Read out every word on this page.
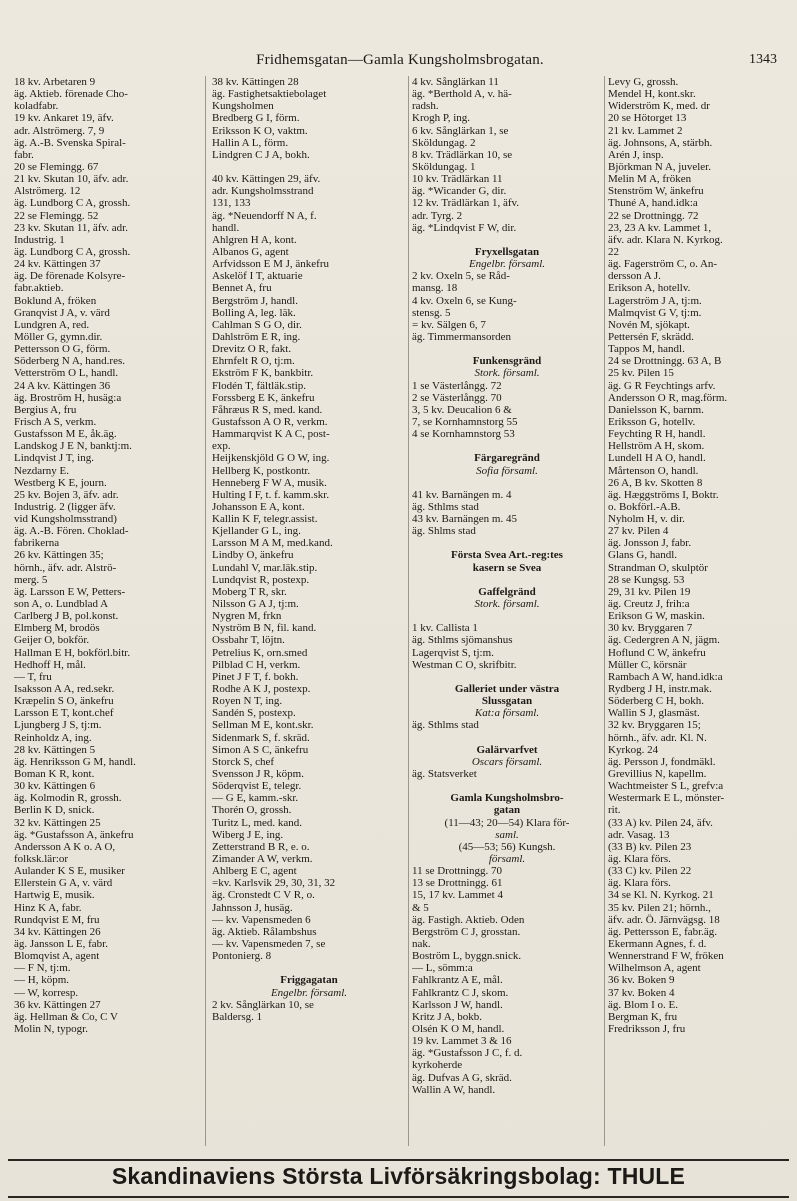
Fridhemsgatan—Gamla Kungsholmsbrogatan.	1343
18 kv. Arbetaren 9
äg. Aktieb. förenade Cho-
koladfabr.
19 kv. Ankaret 19, äfv.
adr. Alströmerg. 7, 9
äg. A.-B. Svenska Spiral-
fabr.
20 se Flemingg. 67
21 kv. Skutan 10, äfv. adr.
Alströmerg. 12
äg. Lundborg C A, grossh.
22 se Flemingg. 52
23 kv. Skutan 11, äfv. adr.
Industrig. 1
äg. Lundborg C A, grossh.
24 kv. Kättingen 37
äg. De förenade Kolsyre-
fabr.aktieb.
Boklund A, fröken
Granqvist J A, v. värd
Lundgren A, red.
Möller G, gymn.dir.
Pettersson O G, förm.
Söderberg N A, hand.res.
Vetterström O L, handl.
24 A kv. Kättingen 36
äg. Broström H, husäg:a
Bergius A, fru
Frisch A S, verkm.
Gustafsson M E, åk.äg.
Landskog J E N, banktj:m.
Lindqvist J T, ing.
Nezdarny E.
Westberg K E, journ.
25 kv. Bojen 3, äfv. adr.
Industrig. 2 (ligger äfv.
vid Kungsholmsstrand)
äg. A.-B. Fören. Choklad-
fabrikerna
26 kv. Kättingen 35;
hörnh., äfv. adr. Alströ-
merg. 5
äg. Larsson E W, Petters-
son A, o. Lundblad A
Carlberg J B, pol.konst.
Elmberg M, brodös
Geijer O, bokför.
Hallman E H, bokförl.bitr.
Hedhoff H, mål.
— T, fru
Isaksson A A, red.sekr.
Kræpelin S O, änkefru
Larsson E T, kont.chef
Ljungberg J S, tj:m.
Reinholdz A, ing.
28 kv. Kättingen 5
äg. Henriksson G M, handl.
Boman K R, kont.
30 kv. Kättingen 6
äg. Kolmodin R, grossh.
Berlin K D, snick.
32 kv. Kättingen 25
äg. *Gustafsson A, änkefru
Andersson A K o. A O,
folksk.lär:or
Aulander K S E, musiker
Ellerstein G A, v. värd
Hartwig E, musik.
Hinz K A, fabr.
Rundqvist E M, fru
34 kv. Kättingen 26
äg. Jansson L E, fabr.
Blomqvist A, agent
— F N, tj:m.
— H, köpm.
— W, korresp.
36 kv. Kättingen 27
äg. Hellman & Co, C V
Molin N, typogr.
38 kv. Kättingen 28
äg. Fastighetsaktiebolaget
Kungsholmen
Bredberg G I, förm.
Eriksson K O, vaktm.
Hallin A L, förm.
Lindgren C J A, bokh.

40 kv. Kättingen 29, äfv.
adr. Kungsholmsstrand
131, 133
äg. *Neuendorff N A, f.
handl.
Ahlgren H A, kont.
Albanos G, agent
Arfvidsson E M J, änkefru
Askelöf I T, aktuarie
Bennet A, fru
Bergström J, handl.
Bolling A, leg. läk.
Cahlman S G O, dir.
Dahlström E R, ing.
Drevitz O R, fakt.
Ehrnfelt R O, tj:m.
Ekström F K, bankbitr.
Flodén T, fältläk.stip.
Forssberg E K, änkefru
Fåhræus R S, med. kand.
Gustafsson A O R, verkm.
Hammarqvist K A C, post-
exp.
Heijkenskjöld G O W, ing.
Hellberg K, postkontr.
Henneberg F W A, musik.
Hulting I F, t. f. kamm.skr.
Johansson E A, kont.
Kallin K F, telegr.assist.
Kjellander G L, ing.
Larsson M A M, med.kand.
Lindby O, änkefru
Lundahl V, mar.läk.stip.
Lundqvist R, postexp.
Moberg T R, skr.
Nilsson G A J, tj:m.
Nygren M, frkn
Nyström B N, fil. kand.
Ossbahr T, löjtn.
Petrelius K, orn.smed
Pilblad C H, verkm.
Pinet J F T, f. bokh.
Rodhe A K J, postexp.
Royen N T, ing.
Sandén S, postexp.
Sellman M E, kont.skr.
Sidenmark S, f. skräd.
Simon A S C, änkefru
Storck S, chef
Svensson J R, köpm.
Söderqvist E, telegr.
— G E, kamm.-skr.
Thorén O, grossh.
Turitz L, med. kand.
Wiberg J E, ing.
Zetterstrand B R, e. o.
Zimander A W, verkm.
Ahlberg E C, agent
=kv. Karlsvik 29, 30, 31, 32
äg. Cronstedt C V R, o.
Jahnsson J, husäg.
— kv. Vapensmeden 6
äg. Aktieb. Rålambshus
— kv. Vapensmeden 7, se
Pontonierg. 8

Friggagatan
Engelbr. församl.
2 kv. Sånglärkan 10, se
Baldersg. 1
4 kv. Sånglärkan 11
äg. *Berthold A, v. hä-
radsh.
Krogh P, ing.
6 kv. Sånglärkan 1, se
Sköldungag. 2
8 kv. Trädlärkan 10, se
Sköldungag. 1
10 kv. Trädlärkan 11
äg. *Wicander G, dir.
12 kv. Trädlärkan 1, äfv.
adr. Tyrg. 2
äg. *Lindqvist F W, dir.

Fryxellsgatan
Engelbr. församl.
2 kv. Oxeln 5, se Råd-
mansg. 18
4 kv. Oxeln 6, se Kung-
stensg. 5
= kv. Sälgen 6, 7
äg. Timmermansorden

Funkensgränd
Stork. församl.
1 se Västerlångg. 72
2 se Västerlångg. 70
3, 5 kv. Deucalion 6 &
7, se Kornhamnstorg 55
4 se Kornhamnstorg 53

Färgaregränd
Sofia församl.

41 kv. Barnängen m. 4
äg. Sthlms stad
43 kv. Barnängen m. 45
äg. Shlms stad

Första Svea Art.-reg:tes
kasern se Svea

Gaffelgränd
Stork. församl.

1 kv. Callista 1
äg. Sthlms sjömanshus
Lagerqvist S, tj:m.
Westman C O, skrifbitr.

Galleriet under västra
Slussgatan
Kat:a församl.
äg. Sthlms stad

Galärvarfvet
Oscars församl.
äg. Statsverket

Gamla Kungsholmsbro-
gatan
(11—43; 20—54) Klara för-
saml.
(45—53; 56) Kungsh.
församl.
11 se Drottningg. 70
13 se Drottningg. 61
15, 17 kv. Lammet 4
& 5
äg. Fastigh. Aktieb. Oden
Bergström C J, grosstan.
nak.
Boström L, byggn.snick.
— L, sömm:a
Fahlkrantz A E, mål.
Fahlkrantz C J, skom.
Karlsson J W, handl.
Kritz J A, bokb.
Olsén K O M, handl.
19 kv. Lammet 3 & 16
äg. *Gustafsson J C, f. d.
kyrkoherde
äg. Dufvas A G, skräd.
Wallin A W, handl.
Levy G, grossh.
Mendel H, kont.skr.
Widerström K, med. dr
20 se Hötorget 13
21 kv. Lammet 2
äg. Johnsons, A, stärbh.
Arén J, insp.
Björkman N A, juveler.
Melin M A, fröken
Stenström W, änkefru
Thuné A, hand.idk:a
22 se Drottningg. 72
23, 23 A kv. Lammet 1,
äfv. adr. Klara N. Kyrkog.
22
äg. Fagerström C, o. An-
dersson A J.
Erikson A, hotellv.
Lagerström J A, tj:m.
Malmqvist G V, tj:m.
Novén M, sjökapt.
Pettersén F, skrädd.
Tappos M, handl.
24 se Drottningg. 63 A, B
25 kv. Pilen 15
äg. G R Feychtings arfv.
Andersson O R, mag.förm.
Danielsson K, barnm.
Eriksson G, hotellv.
Feychting R H, handl.
Hellström A H, skom.
Lundell H A O, handl.
Mårtenson O, handl.
26 A, B kv. Skotten 8
äg. Hæggströms I, Boktr.
o. Bokförl.-A.B.
Nyholm H, v. dir.
27 kv. Pilen 4
äg. Jonsson J, fabr.
Glans G, handl.
Strandman O, skulptör
28 se Kungsg. 53
29, 31 kv. Pilen 19
äg. Creutz J, frih:a
Erikson G W, maskin.
30 kv. Bryggaren 7
äg. Cedergren A N, jägm.
Hoflund C W, änkefru
Müller C, körsnär
Rambach A W, hand.idk:a
Rydberg J H, instr.mak.
Söderberg C H, bokh.
Wallin S J, glasmäst.
32 kv. Bryggaren 15;
hörnh., äfv. adr. Kl. N.
Kyrkog. 24
äg. Persson J, fondmäkl.
Grevillius N, kapellm.
Wachtmeister S L, grefv:a
Westermark E L, mönster-
rit.
(33 A) kv. Pilen 24, äfv.
adr. Vasag. 13
(33 B) kv. Pilen 23
äg. Klara förs.
(33 C) kv. Pilen 22
äg. Klara förs.
34 se Kl. N. Kyrkog. 21
35 kv. Pilen 21; hörnh.,
äfv. adr. Ö. Järnvägsg. 18
äg. Pettersson E, fabr.äg.
Ekermann Agnes, f. d.
Wennerstrand F W, fröken
Wilhelmson A, agent
36 kv. Boken 9
37 kv. Boken 4
äg. Blom I o. E.
Bergman K, fru
Fredriksson J, fru
Skandinaviens Största Livförsäkringsbolag: THULE
